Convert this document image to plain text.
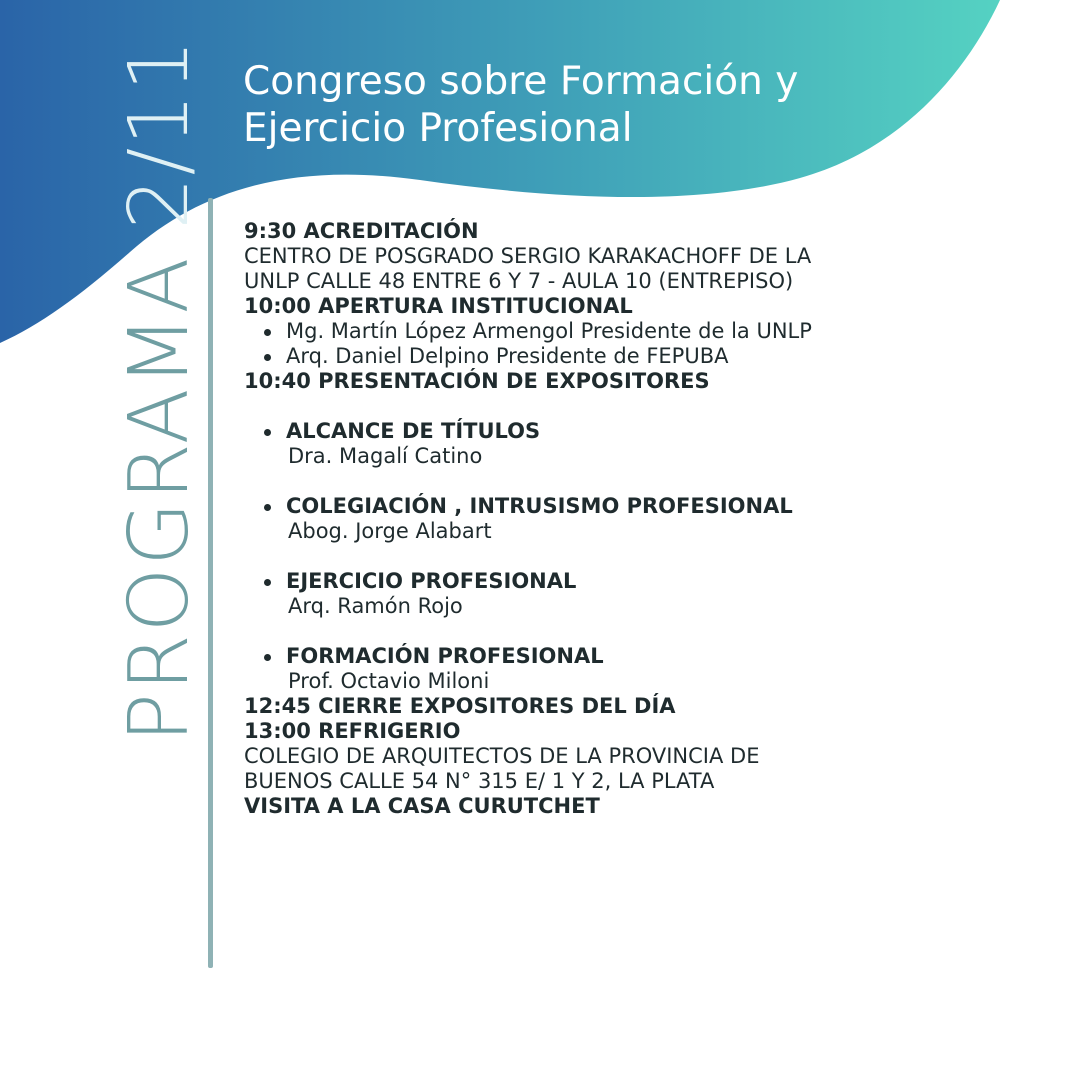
PROGRAMA2/11 Congreso sobre Formación y
Ejercicio Profesional

9:30 ACREDITACIÓN

CENTRO DE POSGRADO SERGIO KARAKACHOFF DE LA

UNLP CALLE 48 ENTRE 6 Y 7 - AULA 10 (ENTREPISO)

10:00 APERTURA INSTITUCIONAL

Mg. Martín López Armengol Presidente de la UNLP
Arq. Daniel Delpino Presidente de FEPUBA

10:40 PRESENTACIÓN DE EXPOSITORES

ALCANCE DE TÍTULOS
Dra. Magalí Catino
COLEGIACIÓN , INTRUSISMO PROFESIONAL
Abog. Jorge Alabart
EJERCICIO PROFESIONAL
Arq. Ramón Rojo
FORMACIÓN PROFESIONAL
Prof. Octavio Miloni

12:45 CIERRE EXPOSITORES DEL DÍA

13:00 REFRIGERIO

COLEGIO DE ARQUITECTOS DE LA PROVINCIA DE

BUENOS CALLE 54 N° 315 E/ 1 Y 2, LA PLATA

VISITA A LA CASA CURUTCHET
